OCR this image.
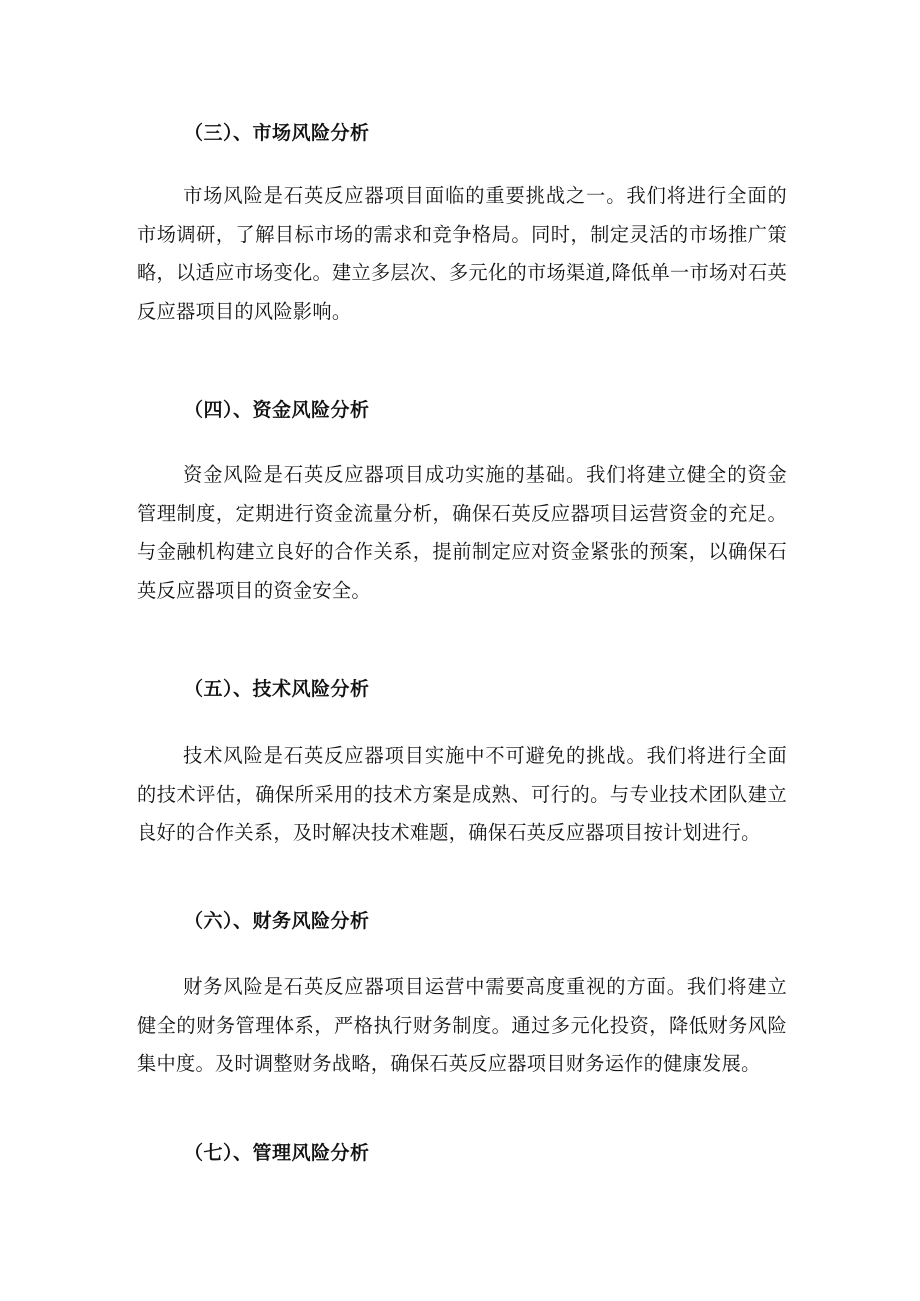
（三）、市场风险分析

市场风险是石英反应器项目面临的重要挑战之一。我们将进行全面的市场调研，了解目标市场的需求和竞争格局。同时，制定灵活的市场推广策略，以适应市场变化。建立多层次、多元化的市场渠道,降低单一市场对石英反应器项目的风险影响。

（四）、资金风险分析

资金风险是石英反应器项目成功实施的基础。我们将建立健全的资金管理制度，定期进行资金流量分析，确保石英反应器项目运营资金的充足。与金融机构建立良好的合作关系，提前制定应对资金紧张的预案，以确保石英反应器项目的资金安全。

（五）、技术风险分析

技术风险是石英反应器项目实施中不可避免的挑战。我们将进行全面的技术评估，确保所采用的技术方案是成熟、可行的。与专业技术团队建立良好的合作关系，及时解决技术难题，确保石英反应器项目按计划进行。

（六）、财务风险分析

财务风险是石英反应器项目运营中需要高度重视的方面。我们将建立健全的财务管理体系，严格执行财务制度。通过多元化投资，降低财务风险集中度。及时调整财务战略，确保石英反应器项目财务运作的健康发展。

（七）、管理风险分析
